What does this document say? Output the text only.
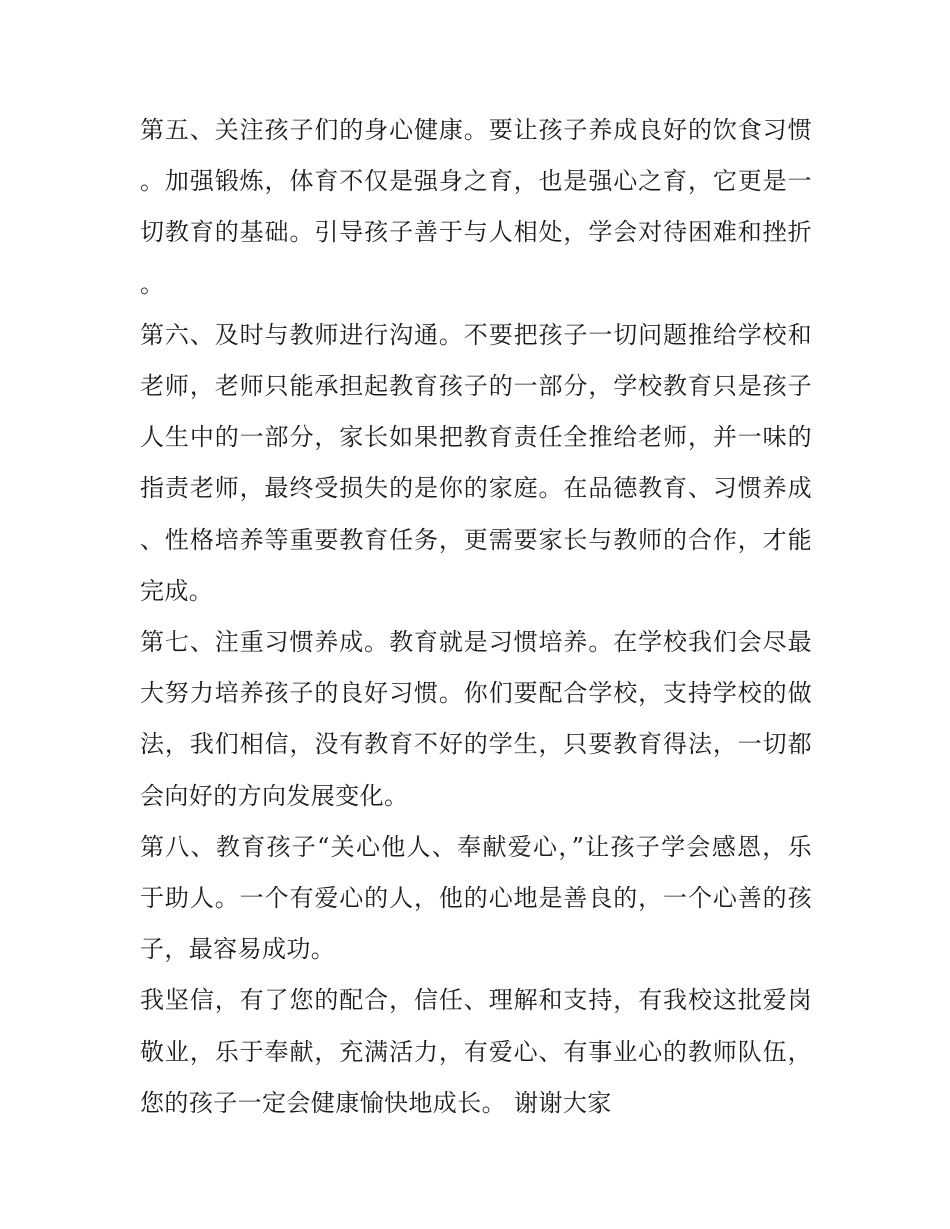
第五、关注孩子们的身心健康。要让孩子养成良好的饮食习惯。加强锻炼，体育不仅是强身之育，也是强心之育，它更是一切教育的基础。引导孩子善于与人相处，学会对待困难和挫折。

第六、及时与教师进行沟通。不要把孩子一切问题推给学校和老师，老师只能承担起教育孩子的一部分，学校教育只是孩子人生中的一部分，家长如果把教育责任全推给老师，并一味的指责老师，最终受损失的是你的家庭。在品德教育、习惯养成、性格培养等重要教育任务，更需要家长与教师的合作，才能完成。

第七、注重习惯养成。教育就是习惯培养。在学校我们会尽最大努力培养孩子的良好习惯。你们要配合学校，支持学校的做法，我们相信，没有教育不好的学生，只要教育得法，一切都会向好的方向发展变化。

第八、教育孩子“关心他人、奉献爱心，”让孩子学会感恩，乐于助人。一个有爱心的人，他的心地是善良的，一个心善的孩子，最容易成功。

我坚信，有了您的配合，信任、理解和支持，有我校这批爱岗敬业，乐于奉献，充满活力，有爱心、有事业心的教师队伍，您的孩子一定会健康愉快地成长。 谢谢大家
